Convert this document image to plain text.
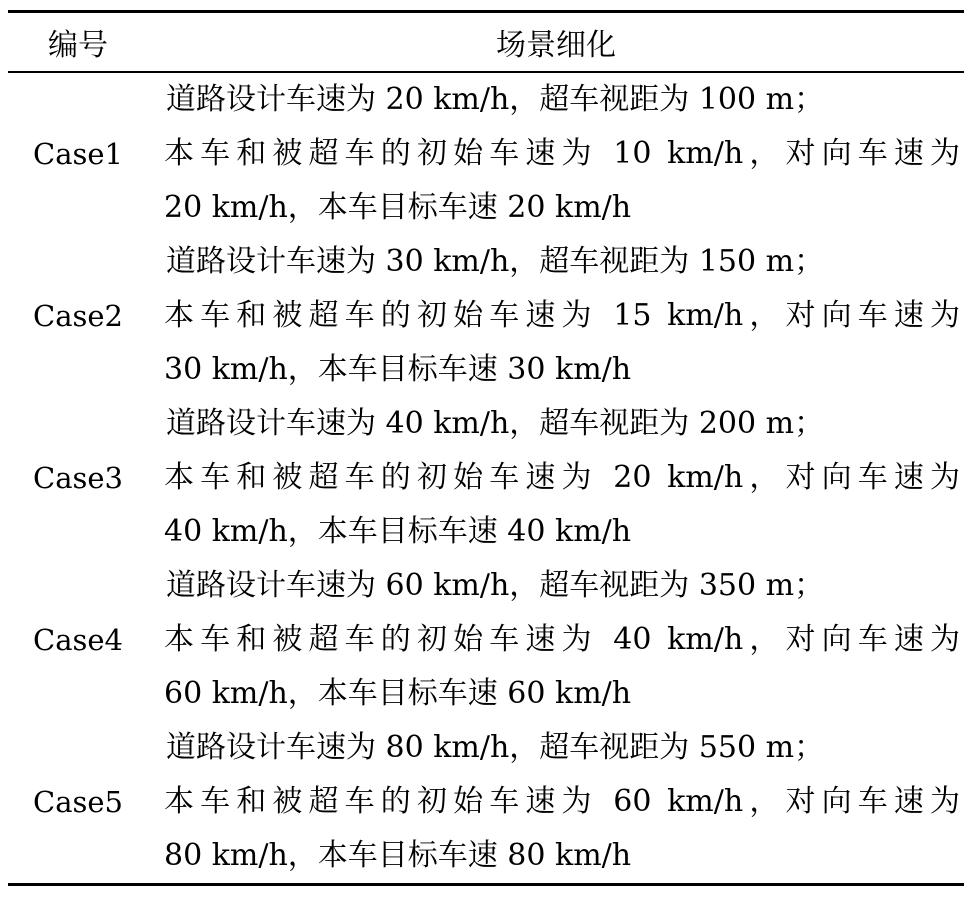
编号	场景细化
Case1	道路设计车速为 20 km/h，超车视距为 100 m；
本车和被超车的初始车速为 10 km/h，对向车速为
20 km/h，本车目标车速 20 km/h

Case2	道路设计车速为 30 km/h，超车视距为 150 m；
本车和被超车的初始车速为 15 km/h，对向车速为
30 km/h，本车目标车速 30 km/h

Case3	道路设计车速为 40 km/h，超车视距为 200 m；
本车和被超车的初始车速为 20 km/h，对向车速为
40 km/h，本车目标车速 40 km/h

Case4	道路设计车速为 60 km/h，超车视距为 350 m；
本车和被超车的初始车速为 40 km/h，对向车速为
60 km/h，本车目标车速 60 km/h

Case5	道路设计车速为 80 km/h，超车视距为 550 m；
本车和被超车的初始车速为 60 km/h，对向车速为
80 km/h，本车目标车速 80 km/h
